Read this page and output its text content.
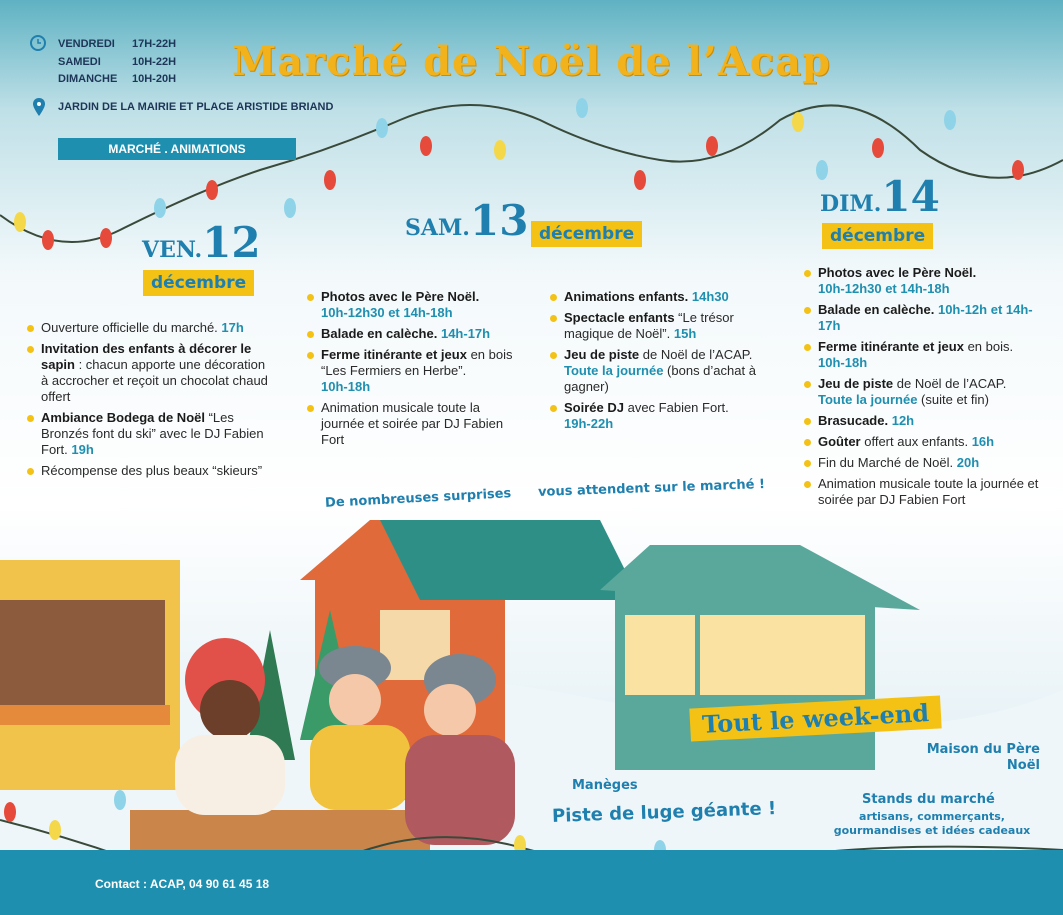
VENDREDI 17H-22H
SAMEDI	10H-22H
DIMANCHE 10H-20H
JARDIN DE LA MAIRIE ET PLACE ARISTIDE BRIAND
MARCHÉ . ANIMATIONS
Marché de Noël de l’Acap
VEN.12
décembre
SAM.13 décembre
DIM.14
décembre
Ouverture officielle du marché. 17h
Invitation des enfants à décorer le sapin : chacun apporte une décoration à accrocher et reçoit un chocolat chaud offert
Ambiance Bodega de Noël “Les Bronzés font du ski” avec le DJ Fabien Fort. 19h
Récompense des plus beaux “skieurs”
Photos avec le Père Noël.
10h-12h30 et 14h-18h
Balade en calèche. 14h-17h
Ferme itinérante et jeux en bois “Les Fermiers en Herbe”.
10h-18h
Animation musicale toute la journée et soirée par DJ Fabien Fort
Animations enfants. 14h30
Spectacle enfants “Le trésor magique de Noël”. 15h
Jeu de piste de Noël de l’ACAP. Toute la journée (bons d’achat à gagner)
Soirée DJ avec Fabien Fort.
19h-22h
Photos avec le Père Noël.
10h-12h30 et 14h-18h
Balade en calèche. 10h-12h et 14h-17h
Ferme itinérante et jeux en bois.
10h-18h
Jeu de piste de Noël de l’ACAP.
Toute la journée (suite et fin)
Brasucade. 12h
Goûter offert aux enfants. 16h
Fin du Marché de Noël. 20h
Animation musicale toute la journée et soirée par DJ Fabien Fort
De nombreuses surprises vous attendent sur le marché !
Tout le week-end
Maison du Père Noël
Manèges
Piste de luge géante !	Stands du marché
artisans, commerçants, gourmandises et idées cadeaux
Contact : ACAP, 04 90 61 45 18
